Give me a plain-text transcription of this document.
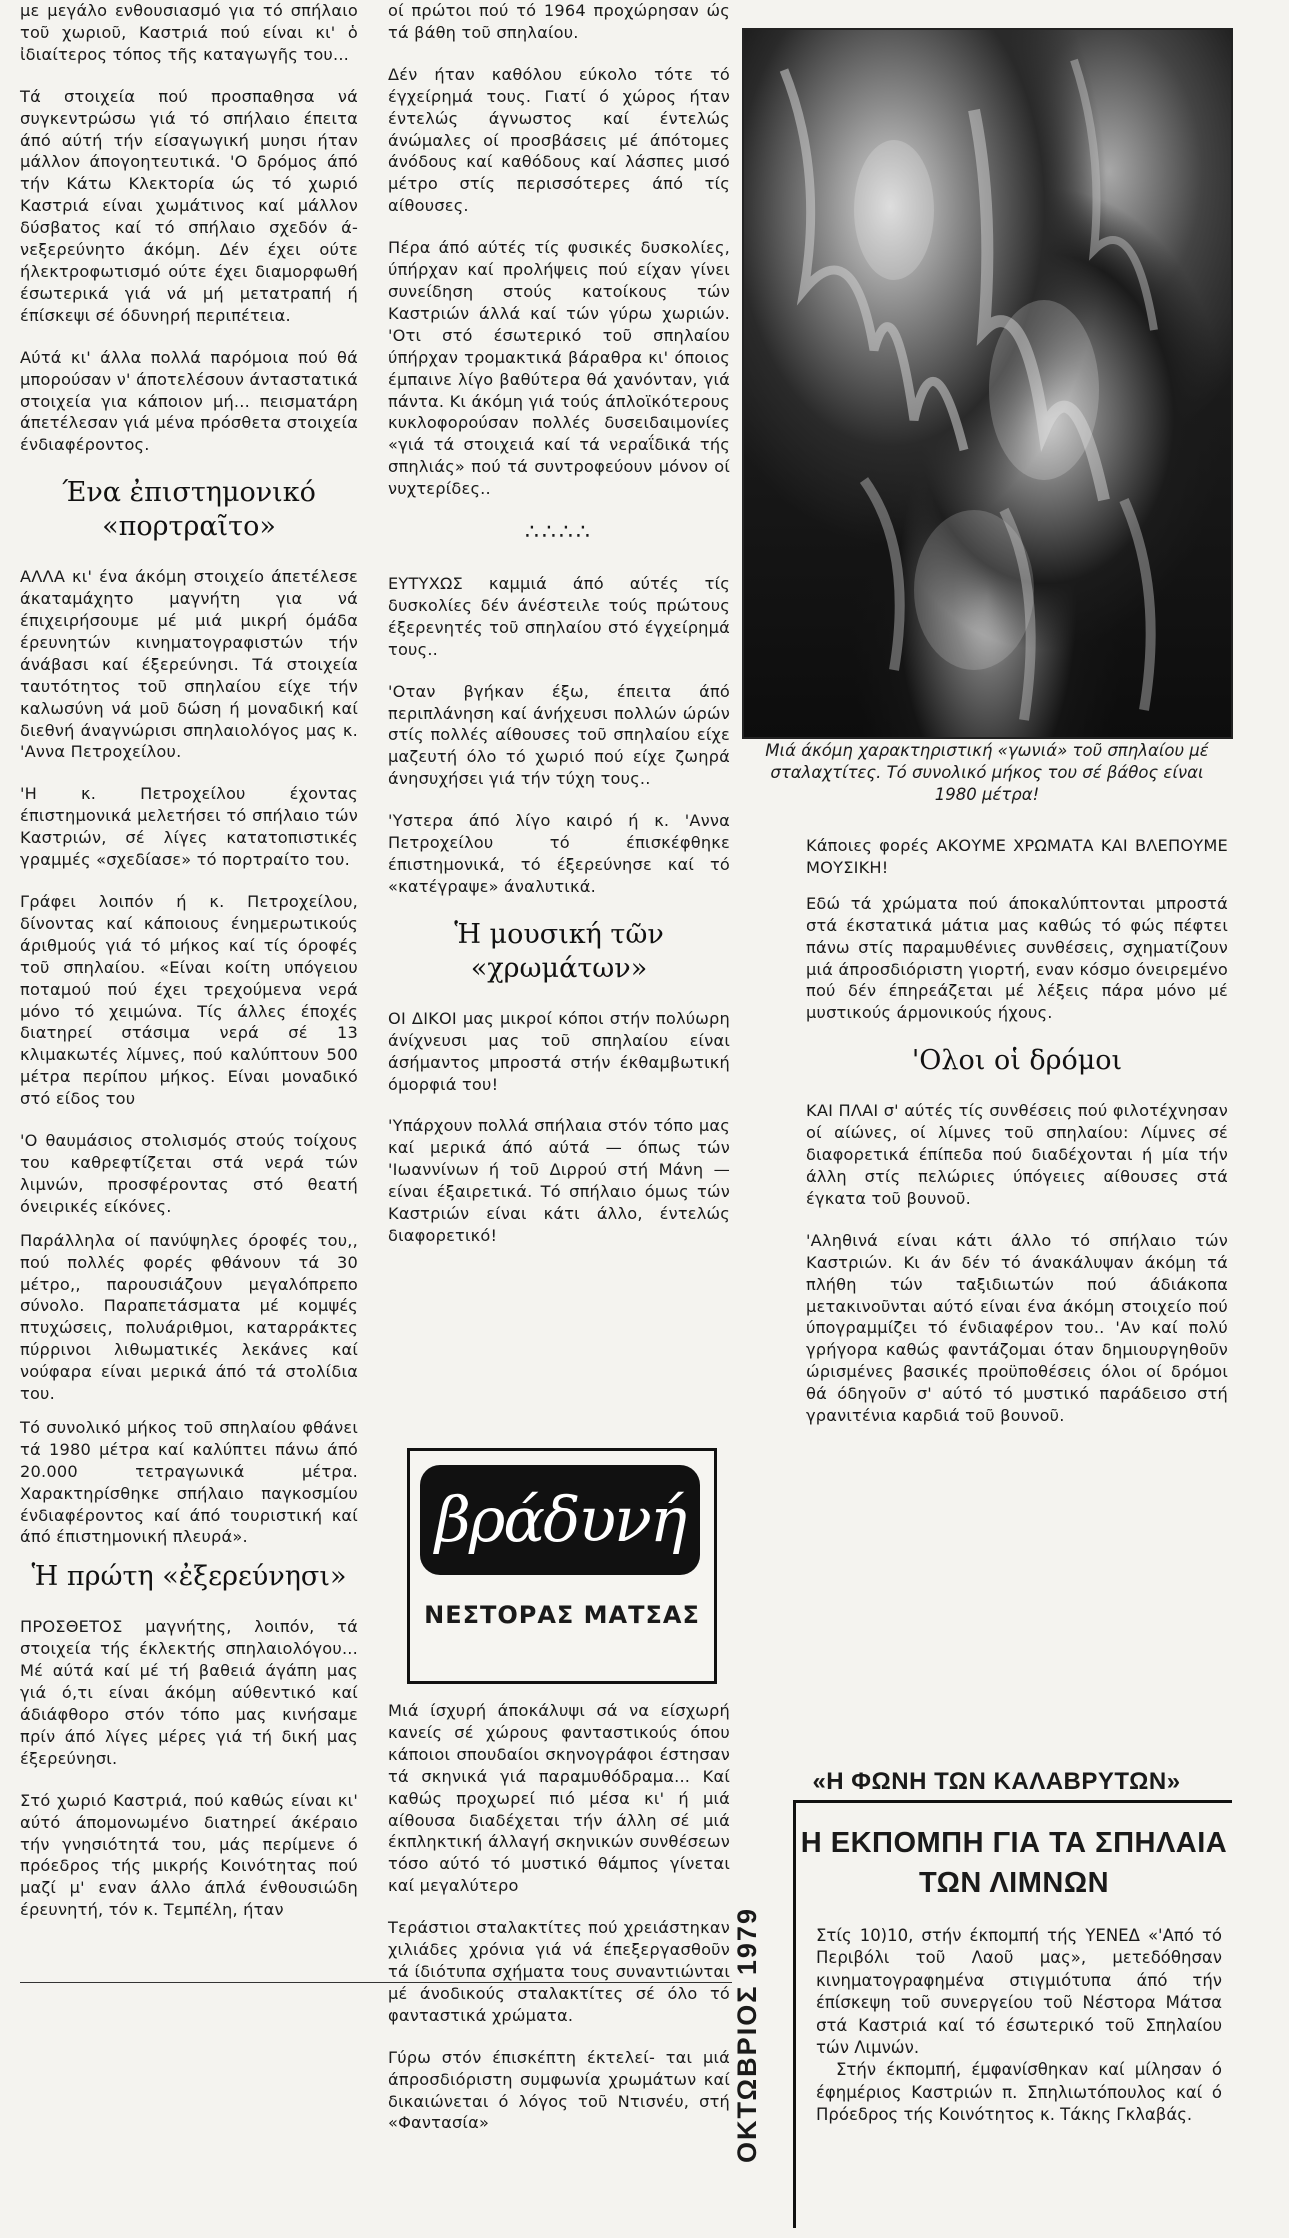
με μεγάλο ενθουσιασμό για τό σπήλαιο τοῦ χωριοῦ, Καστριά πού είναι κι' ὁ ἰδιαίτερος τόπος τῆς καταγωγῆς του...

Τά στοιχεία πού προσπαθησα νά συγκεντρώσω γιά τό σπήλαιο έπειτα άπό αύτή τήν είσαγωγική μυησι ήταν μάλλον άπογοητευτικά. 'Ο δρόμος άπό τήν Κάτω Κλεκτορία ώς τό χωριό Καστριά είναι χωμάτινος καί μάλλον δύσβατος καί τό σπήλαιο σχεδόν ά- νεξερεύνητο άκόμη. Δέν έχει ούτε ήλεκτροφωτισμό ούτε έχει διαμορφωθή έσωτερικά γιά νά μή μετατραπή ή έπίσκεψι σέ όδυνηρή περιπέτεια.

Αύτά κι' άλλα πολλά παρόμοια πού θά μπορούσαν ν' άποτελέσουν άνταστατικά στοιχεία για κάποιον μή... πεισματάρη άπετέλεσαν γιά μένα πρόσθετα στοιχεία ένδιαφέροντος.

Ένα ἐπιστημονικό «πορτραῖτο»

ΑΛΛΑ κι' ένα άκόμη στοιχείο άπετέλεσε άκαταμάχητο μαγνήτη για νά έπιχειρήσουμε μέ μιά μικρή όμάδα έρευνητών κινηματογραφιστών τήν άνάβασι καί έξερεύνησι. Τά στοιχεία ταυτότητος τοῦ σπηλαίου είχε τήν καλωσύνη νά μοῦ δώση ή μοναδική καί διεθνή άναγνώρισι σπηλαιολόγος μας κ. 'Αννα Πετροχείλου.

'Η κ. Πετροχείλου έχοντας έπιστημονικά μελετήσει τό σπήλαιο τών Καστριών, σέ λίγες κατατοπιστικές γραμμές «σχεδίασε» τό πορτραίτο του.

Γράφει λοιπόν ή κ. Πετροχείλου, δίνοντας καί κάποιους ένημερωτικούς άριθμούς γιά τό μήκος καί τίς όροφές τοῦ σπηλαίου. «Είναι κοίτη υπόγειου ποταμού πού έχει τρεχούμενα νερά μόνο τό χειμώνα. Τίς άλλες έποχές διατηρεί στάσιμα νερά σέ 13 κλιμακωτές λίμνες, πού καλύπτουν 500 μέτρα περίπου μήκος. Είναι μοναδικό στό είδος του

'Ο θαυμάσιος στολισμός στούς τοίχους του καθρεφτίζεται στά νερά τών λιμνών, προσφέροντας στό θεατή όνειρικές είκόνες.

Παράλληλα οί πανύψηλες όροφές του,, πού πολλές φορές φθάνουν τά 30 μέτρο,, παρουσιάζουν μεγαλόπρεπο σύνολο. Παραπετάσματα μέ κομψές πτυχώσεις, πολυάριθμοι, καταρράκτες πύρρινοι λιθωματικές λεκάνες καί νούφαρα είναι μερικά άπό τά στολίδια του.

Τό συνολικό μήκος τοῦ σπηλαίου φθάνει τά 1980 μέτρα καί καλύπτει πάνω άπό 20.000 τετραγωνικά μέτρα. Χαρακτηρίσθηκε σπήλαιο παγκοσμίου ένδιαφέροντος καί άπό τουριστική καί άπό έπιστημονική πλευρά».

Ἡ πρώτη «ἐξερεύνησι»

ΠΡΟΣΘΕΤΟΣ μαγνήτης, λοιπόν, τά στοιχεία τής έκλεκτής σπηλαιολόγου... Μέ αύτά καί μέ τή βαθειά άγάπη μας γιά ό,τι είναι άκόμη αύθεντικό καί άδιάφθορο στόν τόπο μας κινήσαμε πρίν άπό λίγες μέρες γιά τή δική μας έξερεύνησι.

Στό χωριό Καστριά, πού καθώς είναι κι' αύτό άπομονωμένο διατηρεί άκέραιο τήν γνησιότητά του, μάς περίμενε ό πρόεδρος τής μικρής Κοινότητας πού μαζί μ' εναν άλλο άπλά ένθουσιώδη έρευνητή, τόν κ. Τεμπέλη, ήταν

οί πρώτοι πού τό 1964 προχώρησαν ώς τά βάθη τοῦ σπηλαίου.

Δέν ήταν καθόλου εύκολο τότε τό έγχείρημά τους. Γιατί ό χώρος ήταν έντελώς άγνωστος καί έντελώς άνώμαλες οί προσβάσεις μέ άπότομες άνόδους καί καθόδους καί λάσπες μισό μέτρο στίς περισσότερες άπό τίς αίθουσες.

Πέρα άπό αύτές τίς φυσικές δυσκολίες, ύπήρχαν καί προλήψεις πού είχαν γίνει συνείδηση στούς κατοίκους τών Καστριών άλλά καί τών γύρω χωριών. 'Οτι στό έσωτερικό τοῦ σπηλαίου ύπήρχαν τρομακτικά βάραθρα κι' όποιος έμπαινε λίγο βαθύτερα θά χανόνταν, γιά πάντα. Κι άκόμη γιά τούς άπλοϊκότερους κυκλοφορούσαν πολλές δυσειδαιμονίες «γιά τά στοιχειά καί τά νεραΐδικά τής σπηλιάς» πού τά συντροφεύουν μόνον οί νυχτερίδες..

∴∴∴∴

ΕΥΤΥΧΩΣ καμμιά άπό αύτές τίς δυσκολίες δέν άνέστειλε τούς πρώτους έξερενητές τοῦ σπηλαίου στό έγχείρημά τους..

'Οταν βγήκαν έξω, έπειτα άπό περιπλάνηση καί άνήχευσι πολλών ώρών στίς πολλές αίθουσες τοῦ σπηλαίου είχε μαζευτή όλο τό χωριό πού είχε ζωηρά άνησυχήσει γιά τήν τύχη τους..

'Υστερα άπό λίγο καιρό ή κ. 'Αννα Πετροχείλου τό έπισκέφθηκε έπιστημονικά, τό έξερεύνησε καί τό «κατέγραψε» άναλυτικά.

Ἡ μουσική τῶν «χρωμάτων»

ΟΙ ΔΙΚΟΙ μας μικροί κόποι στήν πολύωρη άνίχνευσι μας τοῦ σπηλαίου είναι άσήμαντος μπροστά στήν έκθαμβωτική όμορφιά του!

'Υπάρχουν πολλά σπήλαια στόν τόπο μας καί μερικά άπό αύτά — όπως τών 'Ιωαννίνων ή τοῦ Διρρού στή Μάνη — είναι έξαιρετικά. Τό σπήλαιο όμως τών Καστριών είναι κάτι άλλο, έντελώς διαφορετικό!

βράδυνή
ΝΕΣΤΟΡΑΣ ΜΑΤΣΑΣ

Μιά ίσχυρή άποκάλυψι σά να είσχωρή κανείς σέ χώρους φανταστικούς όπου κάποιοι σπουδαίοι σκηνογράφοι έστησαν τά σκηνικά γιά παραμυθόδραμα... Καί καθώς προχωρεί πιό μέσα κι' ή μιά αίθουσα διαδέχεται τήν άλλη σέ μιά έκπληκτική άλλαγή σκηνικών συνθέσεων τόσο αύτό τό μυστικό θάμπος γίνεται καί μεγαλύτερο

Τεράστιοι σταλακτίτες πού χρειάστηκαν χιλιάδες χρόνια γιά νά έπεξεργασθοῦν τά ίδιότυπα σχήματα τους συναντιώνται μέ άνοδικούς σταλακτίτες σέ όλο τό φανταστικά χρώματα.

Γύρω στόν έπισκέπτη έκτελεί- ται μιά άπροσδιόριστη συμφωνία χρωμάτων καί δικαιώνεται ό λόγος τοῦ Ντισνέυ, στή «Φαντασία»

Μιά άκόμη χαρακτηριστική «γωνιά» τοῦ σπηλαίου μέ σταλαχτίτες. Τό συνολικό μήκος του σέ βάθος είναι 1980 μέτρα!

Κάποιες φορές ΑΚΟΥΜΕ ΧΡΩΜΑΤΑ ΚΑΙ ΒΛΕΠΟΥΜΕ ΜΟΥΣΙΚΗ!

Εδώ τά χρώματα πού άποκαλύπτονται μπροστά στά έκστατικά μάτια μας καθώς τό φώς πέφτει πάνω στίς παραμυθένιες συνθέσεις, σχηματίζουν μιά άπροσδιόριστη γιορτή, εναν κόσμο όνειρεμένο πού δέν έπηρεάζεται μέ λέξεις πάρα μόνο μέ μυστικούς άρμονικούς ήχους.

'Ολοι οἱ δρόμοι

ΚΑΙ ΠΛΑΙ σ' αύτές τίς συνθέσεις πού φιλοτέχνησαν οί αίώνες, οί λίμνες τοῦ σπηλαίου: Λίμνες σέ διαφορετικά έπίπεδα πού διαδέχονται ή μία τήν άλλη στίς πελώριες ύπόγειες αίθουσες στά έγκατα τοῦ βουνοῦ.

'Αληθινά είναι κάτι άλλο τό σπήλαιο τών Καστριών. Κι άν δέν τό άνακάλυψαν άκόμη τά πλήθη τών ταξιδιωτών πού άδιάκοπα μετακινοῦνται αύτό είναι ένα άκόμη στοιχείο πού ύπογραμμίζει τό ένδιαφέρον του.. 'Αν καί πολύ γρήγορα καθώς φαντάζομαι όταν δημιουργηθοῦν ώρισμένες βασικές προϋποθέσεις όλοι οί δρόμοι θά όδηγοῦν σ' αύτό τό μυστικό παράδεισο στή γρανιτένια καρδιά τοῦ βουνοῦ.

«Η ΦΩΝΗ ΤΩΝ ΚΑΛΑΒΡΥΤΩΝ»
ΟΚΤΩΒΡΙΟΣ 1979
Η ΕΚΠΟΜΠΗ ΓΙΑ ΤΑ ΣΠΗΛΑΙΑ ΤΩΝ ΛΙΜΝΩΝ

Στίς 10)10, στήν έκπομπή τής ΥΕΝΕΔ «'Από τό Περιβόλι τοῦ Λαοῦ μας», μετεδόθησαν κινηματογραφημένα στιγμιότυπα άπό τήν έπίσκεψη τοῦ συνεργείου τοῦ Νέστορα Μάτσα στά Καστριά καί τό έσωτερικό τοῦ Σπηλαίου τών Λιμνών.

Στήν έκπομπή, έμφανίσθηκαν καί μίλησαν ό έφημέριος Καστριών π. Σπηλιωτόπουλος καί ό Πρόεδρος τής Κοινότητος κ. Τάκης Γκλαβάς.
